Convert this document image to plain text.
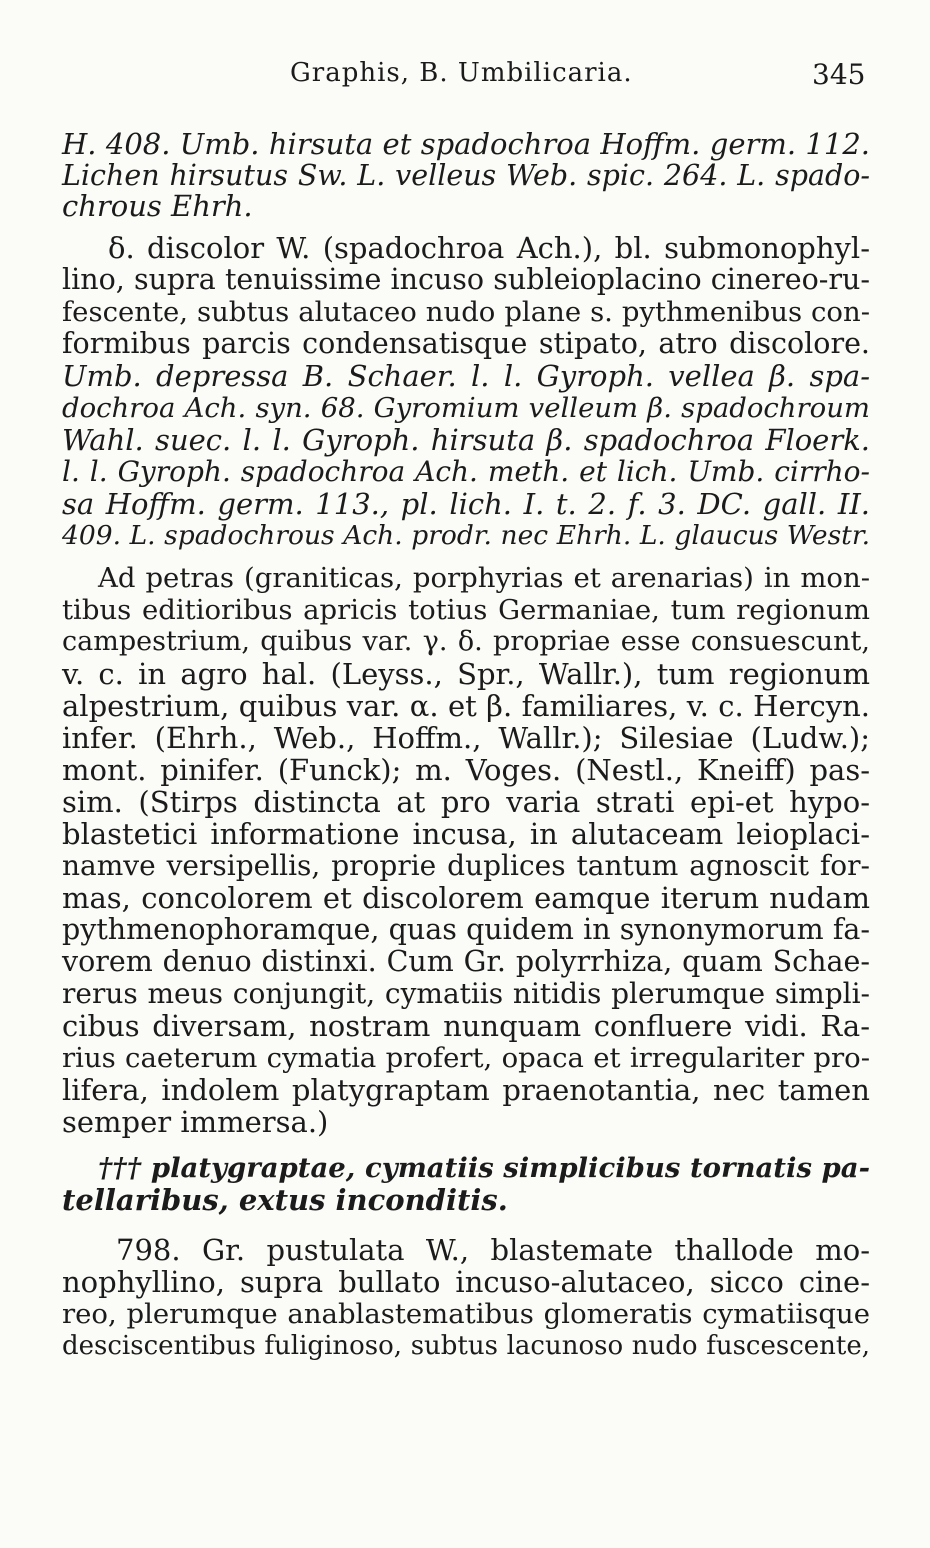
Graphis, B. Umbilicaria.	345
H. 408. Umb. hirsuta et spadochroa Hoffm. germ. 112.
Lichen hirsutus Sw. L. velleus Web. spic. 264. L. spado-
chrous Ehrh.
δ. discolor W. (spadochroa Ach.), bl. submonophyl-
lino, supra tenuissime incuso subleioplacino cinereo-ru-
fescente, subtus alutaceo nudo plane s. pythmenibus con-
formibus parcis condensatisque stipato, atro discolore.
Umb. depressa B. Schaer. l. l. Gyroph. vellea β. spa-
dochroa Ach. syn. 68. Gyromium velleum β. spadochroum
Wahl. suec. l. l. Gyroph. hirsuta β. spadochroa Floerk.
l. l. Gyroph. spadochroa Ach. meth. et lich. Umb. cirrho-
sa Hoffm. germ. 113., pl. lich. I. t. 2. f. 3. DC. gall. II.
409. L. spadochrous Ach. prodr. nec Ehrh. L. glaucus Westr.
Ad petras (graniticas, porphyrias et arenarias) in mon-
tibus editioribus apricis totius Germaniae, tum regionum
campestrium, quibus var. γ. δ. propriae esse consuescunt,
v. c. in agro hal. (Leyss., Spr., Wallr.), tum regionum
alpestrium, quibus var. α. et β. familiares, v. c. Hercyn.
infer. (Ehrh., Web., Hoffm., Wallr.); Silesiae (Ludw.);
mont. pinifer. (Funck); m. Voges. (Nestl., Kneiff) pas-
sim. (Stirps distincta at pro varia strati epi-et hypo-
blastetici informatione incusa, in alutaceam leioplaci-
namve versipellis, proprie duplices tantum agnoscit for-
mas, concolorem et discolorem eamque iterum nudam
pythmenophoramque, quas quidem in synonymorum fa-
vorem denuo distinxi. Cum Gr. polyrrhiza, quam Schae-
rerus meus conjungit, cymatiis nitidis plerumque simpli-
cibus diversam, nostram nunquam confluere vidi. Ra-
rius caeterum cymatia profert, opaca et irregulariter pro-
lifera, indolem platygraptam praenotantia, nec tamen
semper immersa.)
††† platygraptae, cymatiis simplicibus tornatis pa-
tellaribus, extus inconditis.
798. Gr. pustulata W., blastemate thallode mo-
nophyllino, supra bullato incuso-alutaceo, sicco cine-
reo, plerumque anablastematibus glomeratis cymatiisque
desciscentibus fuliginoso, subtus lacunoso nudo fuscescente,
